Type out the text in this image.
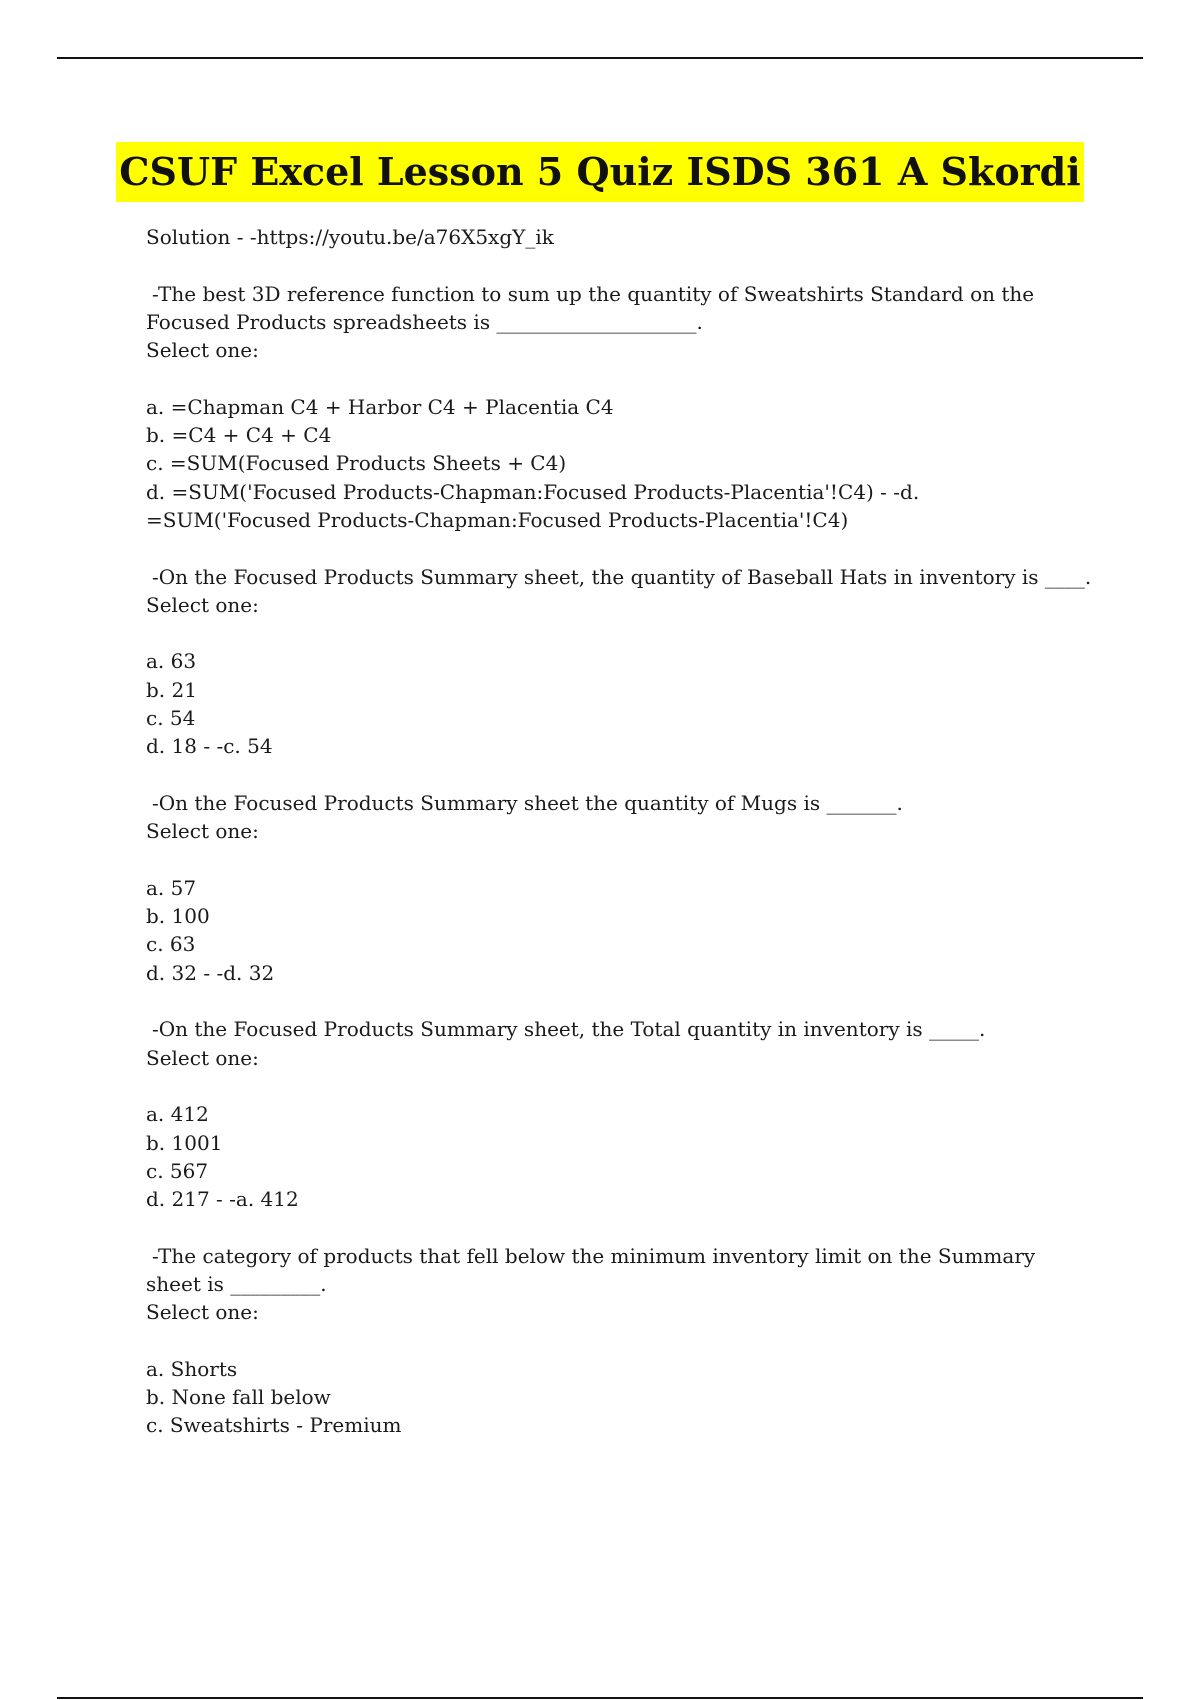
CSUF Excel Lesson 5 Quiz ISDS 361 A Skordi
Solution - -https://youtu.be/a76X5xgY_ik
-The best 3D reference function to sum up the quantity of Sweatshirts Standard on the
Focused Products spreadsheets is ____________________.
Select one:
a. =Chapman C4 + Harbor C4 + Placentia C4
b. =C4 + C4 + C4
c. =SUM(Focused Products Sheets + C4)
d. =SUM('Focused Products-Chapman:Focused Products-Placentia'!C4) - -d.
=SUM('Focused Products-Chapman:Focused Products-Placentia'!C4)
-On the Focused Products Summary sheet, the quantity of Baseball Hats in inventory is ____.
Select one:
a. 63
b. 21
c. 54
d. 18 - -c. 54
-On the Focused Products Summary sheet the quantity of Mugs is _______.
Select one:
a. 57
b. 100
c. 63
d. 32 - -d. 32
-On the Focused Products Summary sheet, the Total quantity in inventory is _____.
Select one:
a. 412
b. 1001
c. 567
d. 217 - -a. 412
-The category of products that fell below the minimum inventory limit on the Summary
sheet is _________.
Select one:
a. Shorts
b. None fall below
c. Sweatshirts - Premium
